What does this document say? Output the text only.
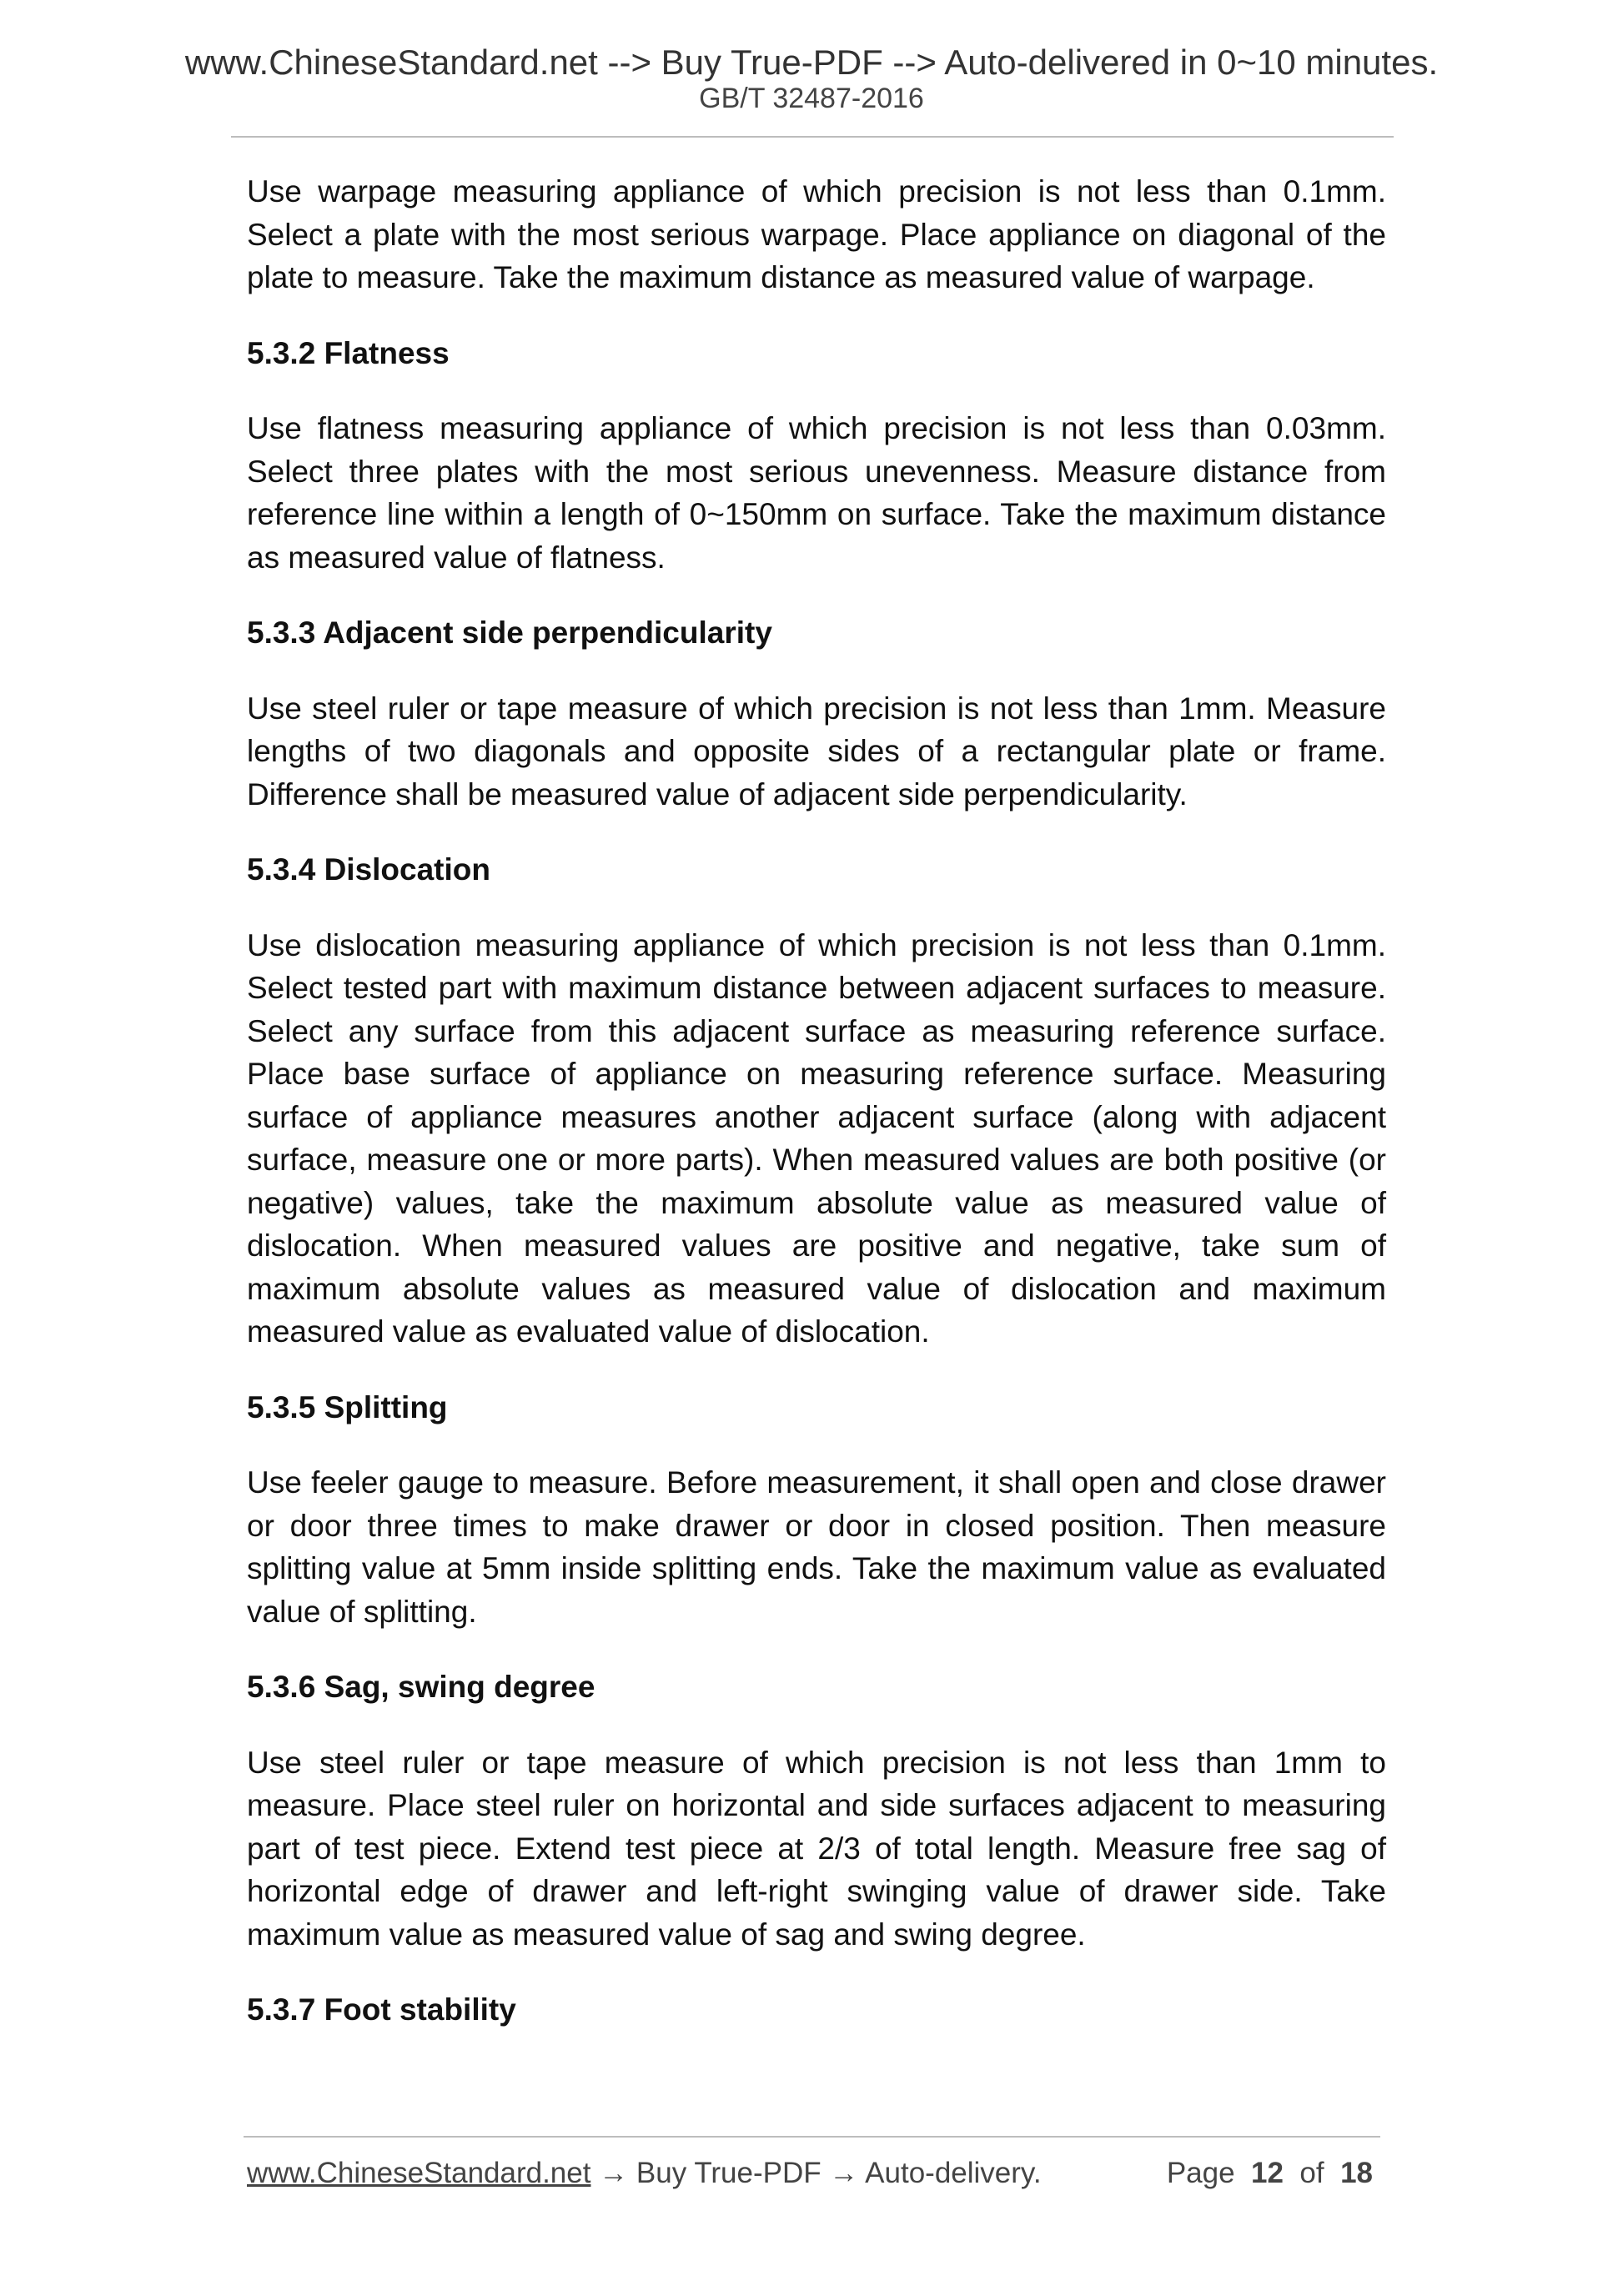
www.ChineseStandard.net --> Buy True-PDF --> Auto-delivered in 0~10 minutes.
GB/T 32487-2016

Use warpage measuring appliance of which precision is not less than 0.1mm. Select a plate with the most serious warpage. Place appliance on diagonal of the plate to measure. Take the maximum distance as measured value of warpage.

5.3.2 Flatness

Use flatness measuring appliance of which precision is not less than 0.03mm. Select three plates with the most serious unevenness. Measure distance from reference line within a length of 0~150mm on surface. Take the maximum distance as measured value of flatness.

5.3.3 Adjacent side perpendicularity

Use steel ruler or tape measure of which precision is not less than 1mm. Measure lengths of two diagonals and opposite sides of a rectangular plate or frame. Difference shall be measured value of adjacent side perpendicularity.

5.3.4 Dislocation

Use dislocation measuring appliance of which precision is not less than 0.1mm. Select tested part with maximum distance between adjacent surfaces to measure. Select any surface from this adjacent surface as measuring reference surface. Place base surface of appliance on measuring reference surface. Measuring surface of appliance measures another adjacent surface (along with adjacent surface, measure one or more parts). When measured values are both positive (or negative) values, take the maximum absolute value as measured value of dislocation. When measured values are positive and negative, take sum of maximum absolute values as measured value of dislocation and maximum measured value as evaluated value of dislocation.

5.3.5 Splitting

Use feeler gauge to measure. Before measurement, it shall open and close drawer or door three times to make drawer or door in closed position. Then measure splitting value at 5mm inside splitting ends. Take the maximum value as evaluated value of splitting.

5.3.6 Sag, swing degree

Use steel ruler or tape measure of which precision is not less than 1mm to measure. Place steel ruler on horizontal and side surfaces adjacent to measuring part of test piece. Extend test piece at 2/3 of total length. Measure free sag of horizontal edge of drawer and left-right swinging value of drawer side. Take maximum value as measured value of sag and swing degree.

5.3.7 Foot stability

www.ChineseStandard.net → Buy True-PDF → Auto-delivery.	Page 12 of 18
